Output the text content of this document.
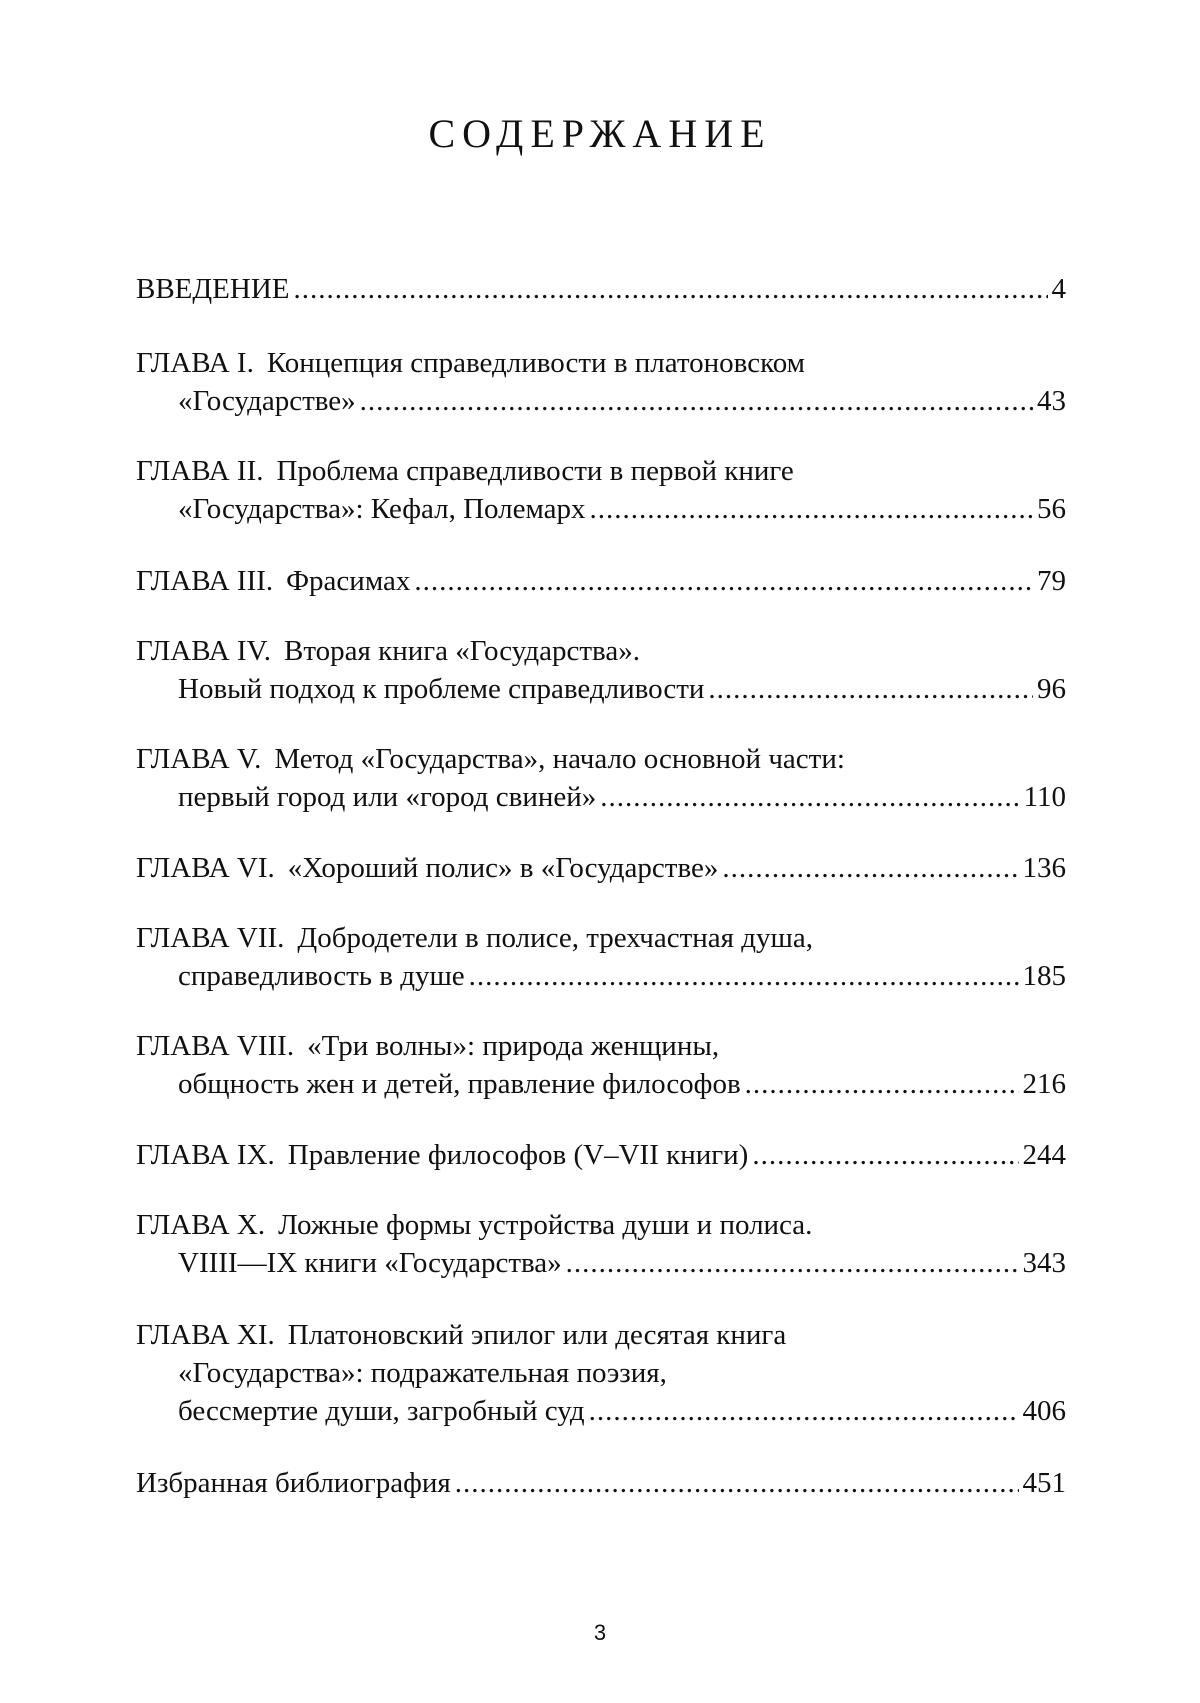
СОДЕРЖАНИЕ
ВВЕДЕНИЕ .....	4
ГЛАВА I. Концепция справедливости в платоновском
«Государстве» .....	43
ГЛАВА II. Проблема справедливости в первой книге
«Государства»: Кефал, Полемарх .....	56
ГЛАВА III. Фрасимах .....	79
ГЛАВА IV. Вторая книга «Государства».
Новый подход к проблеме справедливости .....	96
ГЛАВА V. Метод «Государства», начало основной части:
первый город или «город свиней» .....	110
ГЛАВА VI. «Хороший полис» в «Государстве» .....	136
ГЛАВА VII. Добродетели в полисе, трехчастная душа,
справедливость в душе .....	185
ГЛАВА VIII. «Три волны»: природа женщины,
общность жен и детей, правление философов .....	216
ГЛАВА IX. Правление философов (V–VII книги) .....	244
ГЛАВА X. Ложные формы устройства души и полиса.
VIIII—IX книги «Государства» .....	343
ГЛАВА XI. Платоновский эпилог или десятая книга
«Государства»: подражательная поэзия,
бессмертие души, загробный суд .....	406
Избранная библиография .....	451
3
